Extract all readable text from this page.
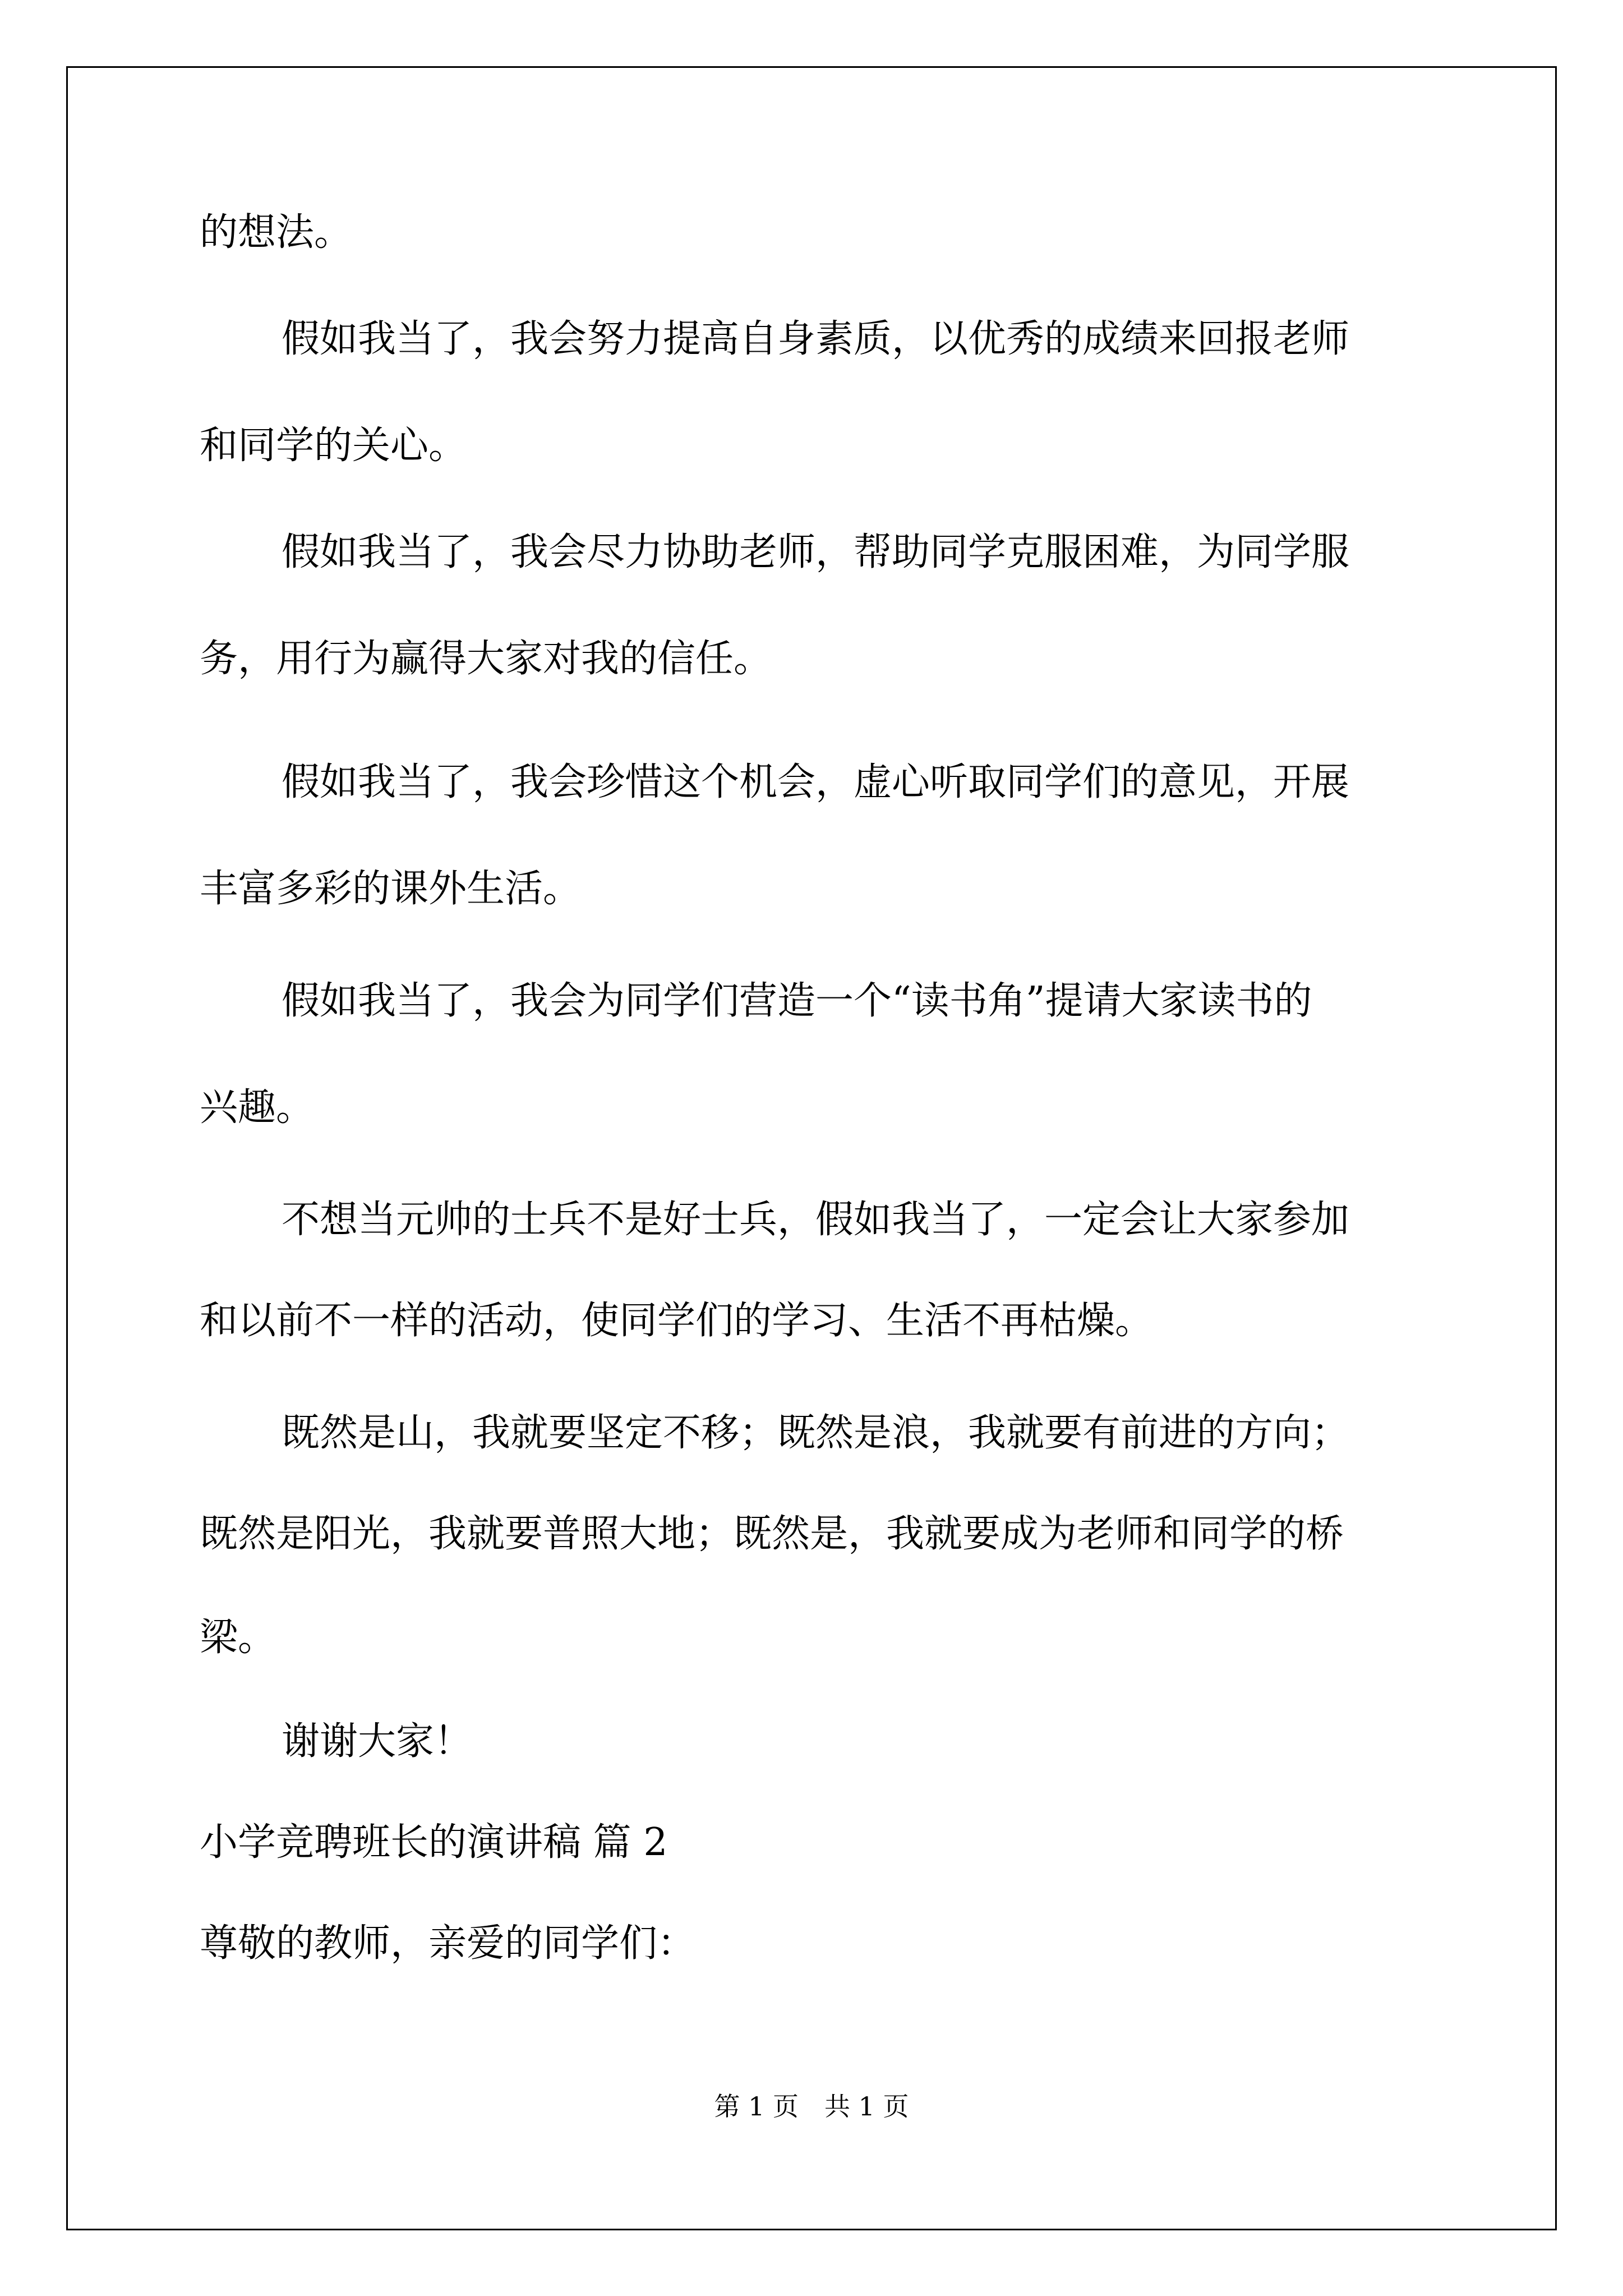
的想法。
假如我当了，我会努力提高自身素质，以优秀的成绩来回报老师
和同学的关心。
假如我当了，我会尽力协助老师，帮助同学克服困难，为同学服
务，用行为赢得大家对我的信任。
假如我当了，我会珍惜这个机会，虚心听取同学们的意见，开展
丰富多彩的课外生活。
假如我当了，我会为同学们营造一个“读书角”提请大家读书的
兴趣。
不想当元帅的士兵不是好士兵，假如我当了，一定会让大家参加
和以前不一样的活动，使同学们的学习、生活不再枯燥。
既然是山，我就要坚定不移；既然是浪，我就要有前进的方向；
既然是阳光，我就要普照大地；既然是，我就要成为老师和同学的桥
梁。
谢谢大家！
小学竞聘班长的演讲稿 篇 2
尊敬的教师，亲爱的同学们：
第 1 页　共 1 页
